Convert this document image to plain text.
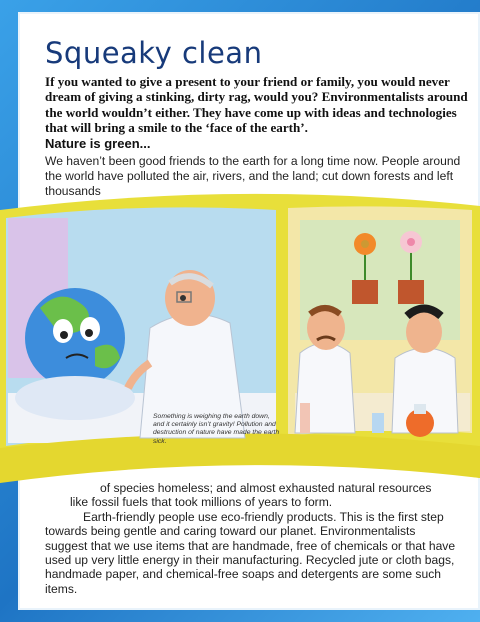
Squeaky clean

If you wanted to give a present to your friend or family, you would never dream of giving a stinking, dirty rag, would you? Environmentalists around the world wouldn’t either. They have come up with ideas and technologies that will bring a smile to the ‘face of the earth’.

Nature is green...

We haven’t been good friends to the earth for a long time now. People around the world have polluted the air, rivers, and the land; cut down forests and left thousands

Something is weighing the earth down, and it certainly isn’t gravity! Pollution and destruction of nature have made the earth sick.

of species homeless; and almost exhausted natural resources
like fossil fuels that took millions of years to form.
Earth-friendly people use eco-friendly products. This is the first step towards being gentle and caring toward our planet. Environmentalists suggest that we use items that are handmade, free of chemicals or that have used up very little energy in their manufacturing. Recycled jute or cloth bags, handmade paper, and chemical-free soaps and detergents are some such items.
